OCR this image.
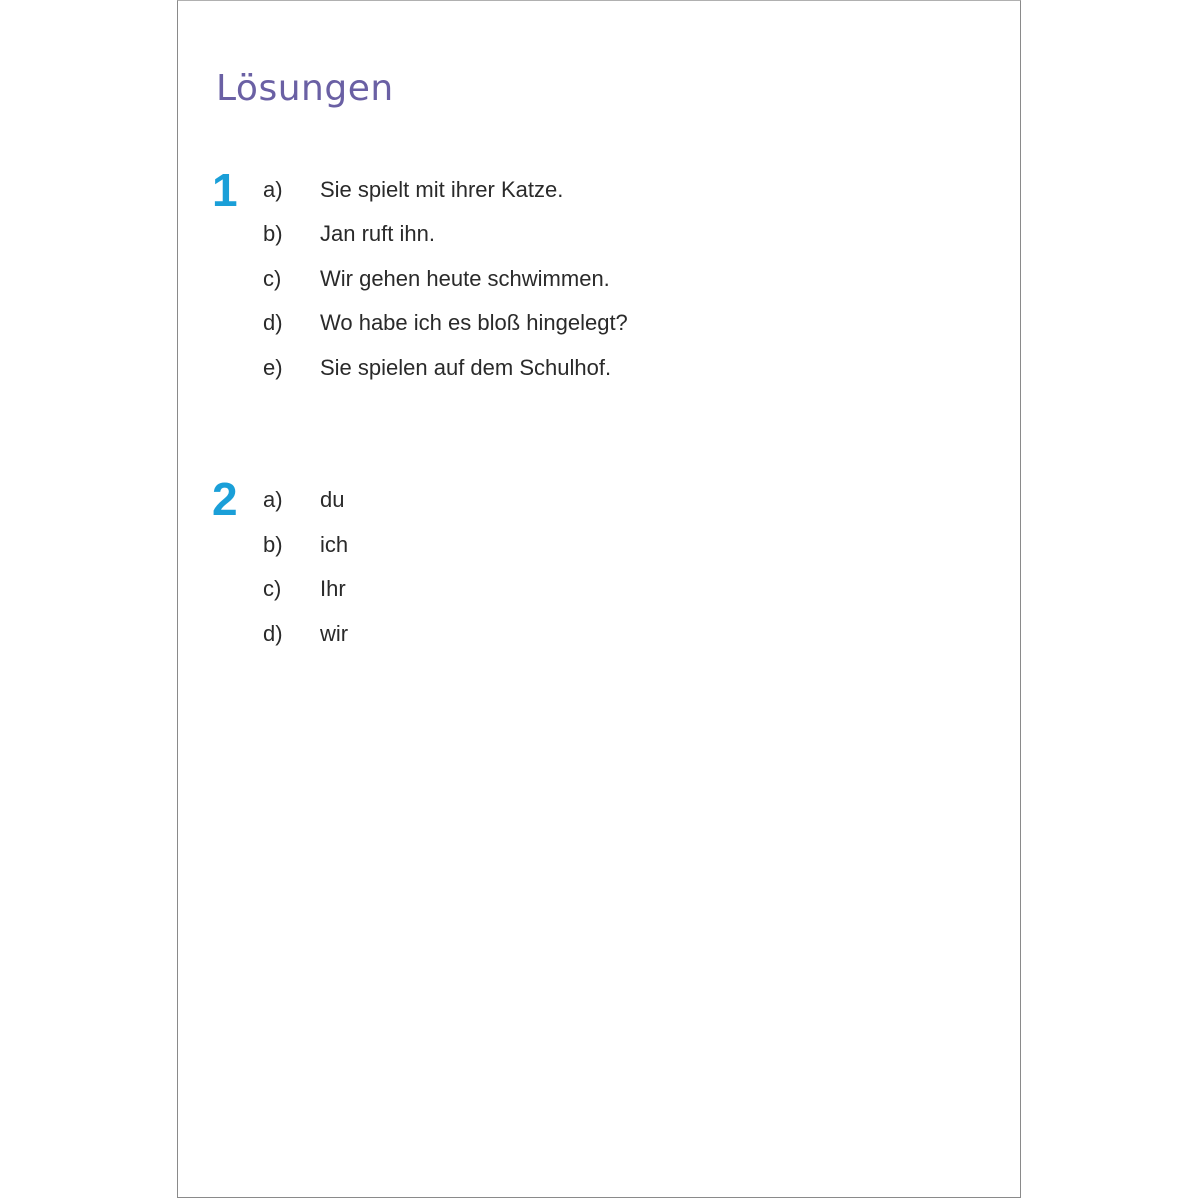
Lösungen
1 a) Sie spielt mit ihrer Katze.
b) Jan ruft ihn.
c) Wir gehen heute schwimmen.
d) Wo habe ich es bloß hingelegt?
e) Sie spielen auf dem Schulhof.
2 a) du
b) ich
c) Ihr
d) wir
